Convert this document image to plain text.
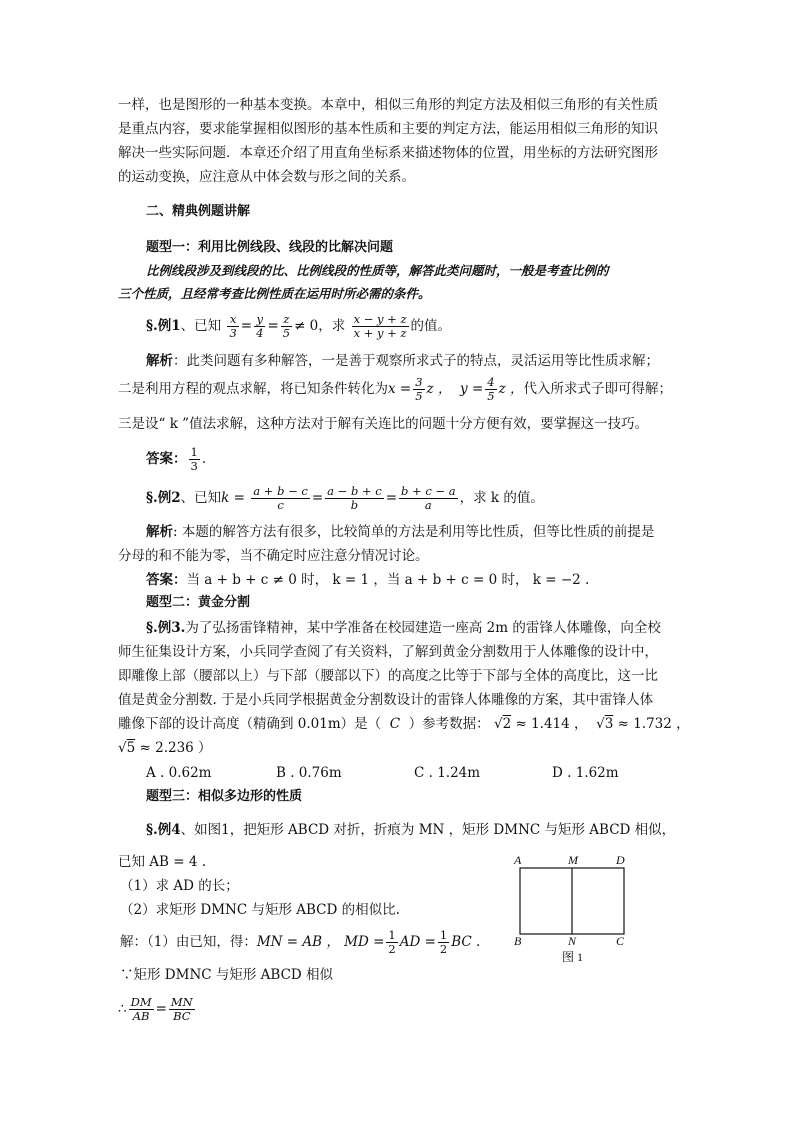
一样，也是图形的一种基本变换。本章中，相似三角形的判定方法及相似三角形的有关性质
是重点内容，要求能掌握相似图形的基本性质和主要的判定方法，能运用相似三角形的知识
解决一些实际问题．本章还介绍了用直角坐标系来描述物体的位置，用坐标的方法研究图形
的运动变换，应注意从中体会数与形之间的关系。
二、精典例题讲解
题型一：利用比例线段、线段的比解决问题
比例线段涉及到线段的比、比例线段的性质等，解答此类问题时，一般是考查比例的
三个性质，且经常考查比例性质在运用时所必需的条件。
§.例1、已知 $\frac{x}{3} = \frac{y}{4} = \frac{z}{5} \ne 0$，求 $\frac{x - y + z}{x + y + z}$ 的值。
解析：此类问题有多种解答，一是善于观察所求式子的特点，灵活运用等比性质求解；
二是利用方程的观点求解，将已知条件转化为$x = \frac{3}{5}$ z ， $y = \frac{4}{5}$ z ，代入所求式子即可得解；
三是设“ k ”值法求解，这种方法对于解有关连比的问题十分方便有效，要掌握这一技巧。
答案： $\frac{1}{3}$ .
§.例2、已知$k = \frac{a + b - c}{c} = \frac{a - b + c}{b} = \frac{b + c - a}{a}$ ，求 k 的值。
解析: 本题的解答方法有很多，比较简单的方法是利用等比性质，但等比性质的前提是
分母的和不能为零，当不确定时应注意分情况讨论。
答案：当 a + b + c ≠ 0 时， k = 1 ，当 a + b + c = 0 时， k = −2 .
题型二：黄金分割
§.例3.为了弘扬雷锋精神，某中学准备在校园建造一座高 2m 的雷锋人体雕像，向全校
师生征集设计方案，小兵同学查阅了有关资料，了解到黄金分割数用于人体雕像的设计中，
即雕像上部（腰部以上）与下部（腰部以下）的高度之比等于下部与全体的高度比，这一比
值是黄金分割数. 于是小兵同学根据黄金分割数设计的雷锋人体雕像的方案，其中雷锋人体
雕像下部的设计高度（精确到 0.01m）是（ C ）参考数据： √2 ≈ 1.414 ，  √3 ≈ 1.732 ，
√5 ≈ 2.236 ）
A . 0.62m	B . 0.76m	C . 1.24m	D . 1.62m
题型三：相似多边形的性质
§.例4、如图1，把矩形 ABCD 对折，折痕为 MN ，矩形 DMNC 与矩形 ABCD 相似，
已知 AB = 4 .
（1）求 AD 的长；
（2）求矩形 DMNC 与矩形 ABCD 的相似比.
解：（1）由已知，得：MN = AB ， MD = $\frac{1}{2}$ AD = $\frac{1}{2}$ BC .
∵矩形 DMNC 与矩形 ABCD 相似
∴ $\frac{DM}{AB} = \frac{MN}{BC}$
A	M	D
B	N	C
图 1
